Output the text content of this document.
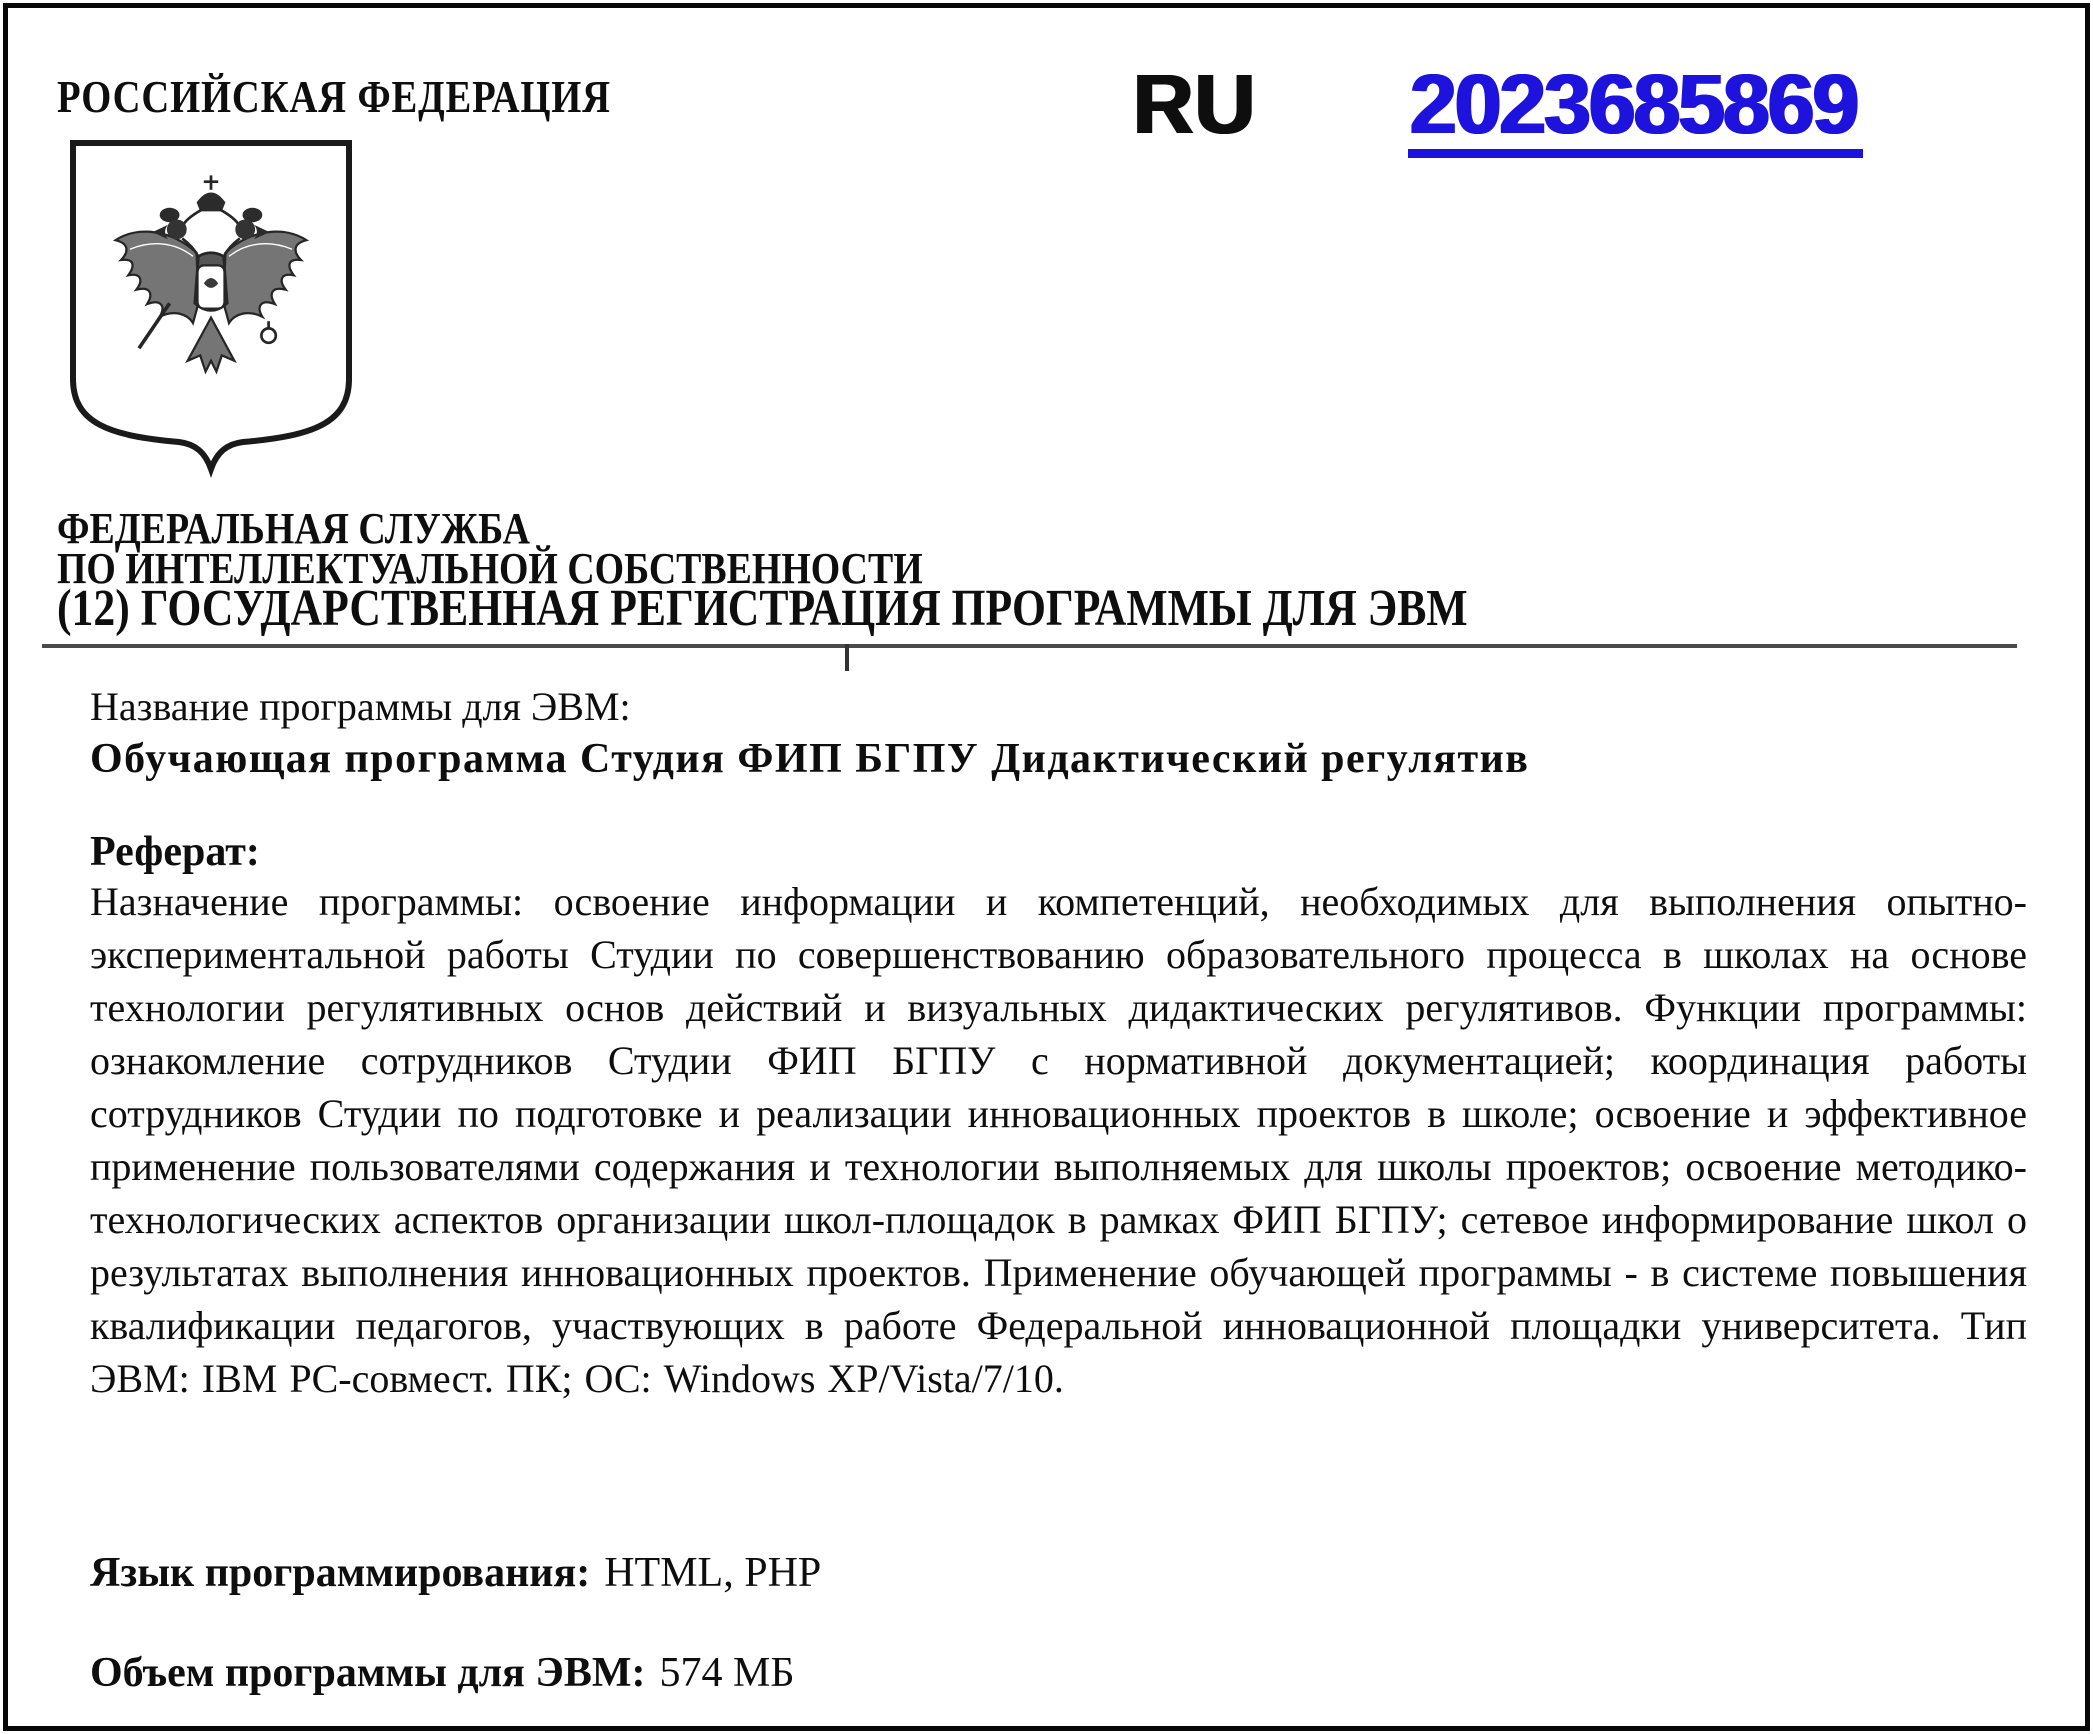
РОССИЙСКАЯ ФЕДЕРАЦИЯ	RU 2023685869
ФЕДЕРАЛЬНАЯ СЛУЖБА
ПО ИНТЕЛЛЕКТУАЛЬНОЙ СОБСТВЕННОСТИ
(12) ГОСУДАРСТВЕННАЯ РЕГИСТРАЦИЯ ПРОГРАММЫ ДЛЯ ЭВМ
Название программы для ЭВМ:
Обучающая программа Студия ФИП БГПУ Дидактический регулятив
Реферат:
Назначение программы: освоение информации и компетенций, необходимых для выполнения опытно-экспериментальной работы Студии по совершенствованию образовательного процесса в школах на основе технологии регулятивных основ действий и визуальных дидактических регулятивов. Функции программы: ознакомление сотрудников Студии ФИП БГПУ с нормативной документацией; координация работы сотрудников Студии по подготовке и реализации инновационных проектов в школе; освоение и эффективное применение пользователями содержания и технологии выполняемых для школы проектов; освоение методико-технологических аспектов организации школ-площадок в рамках ФИП БГПУ; сетевое информирование школ о результатах выполнения инновационных проектов. Применение обучающей программы - в системе повышения квалификации педагогов, участвующих в работе Федеральной инновационной площадки университета. Тип ЭВМ: IBM PC-совмест. ПК; ОС: Windows XP/Vista/7/10.
Язык программирования: HTML, PHP
Объем программы для ЭВМ: 574 МБ
